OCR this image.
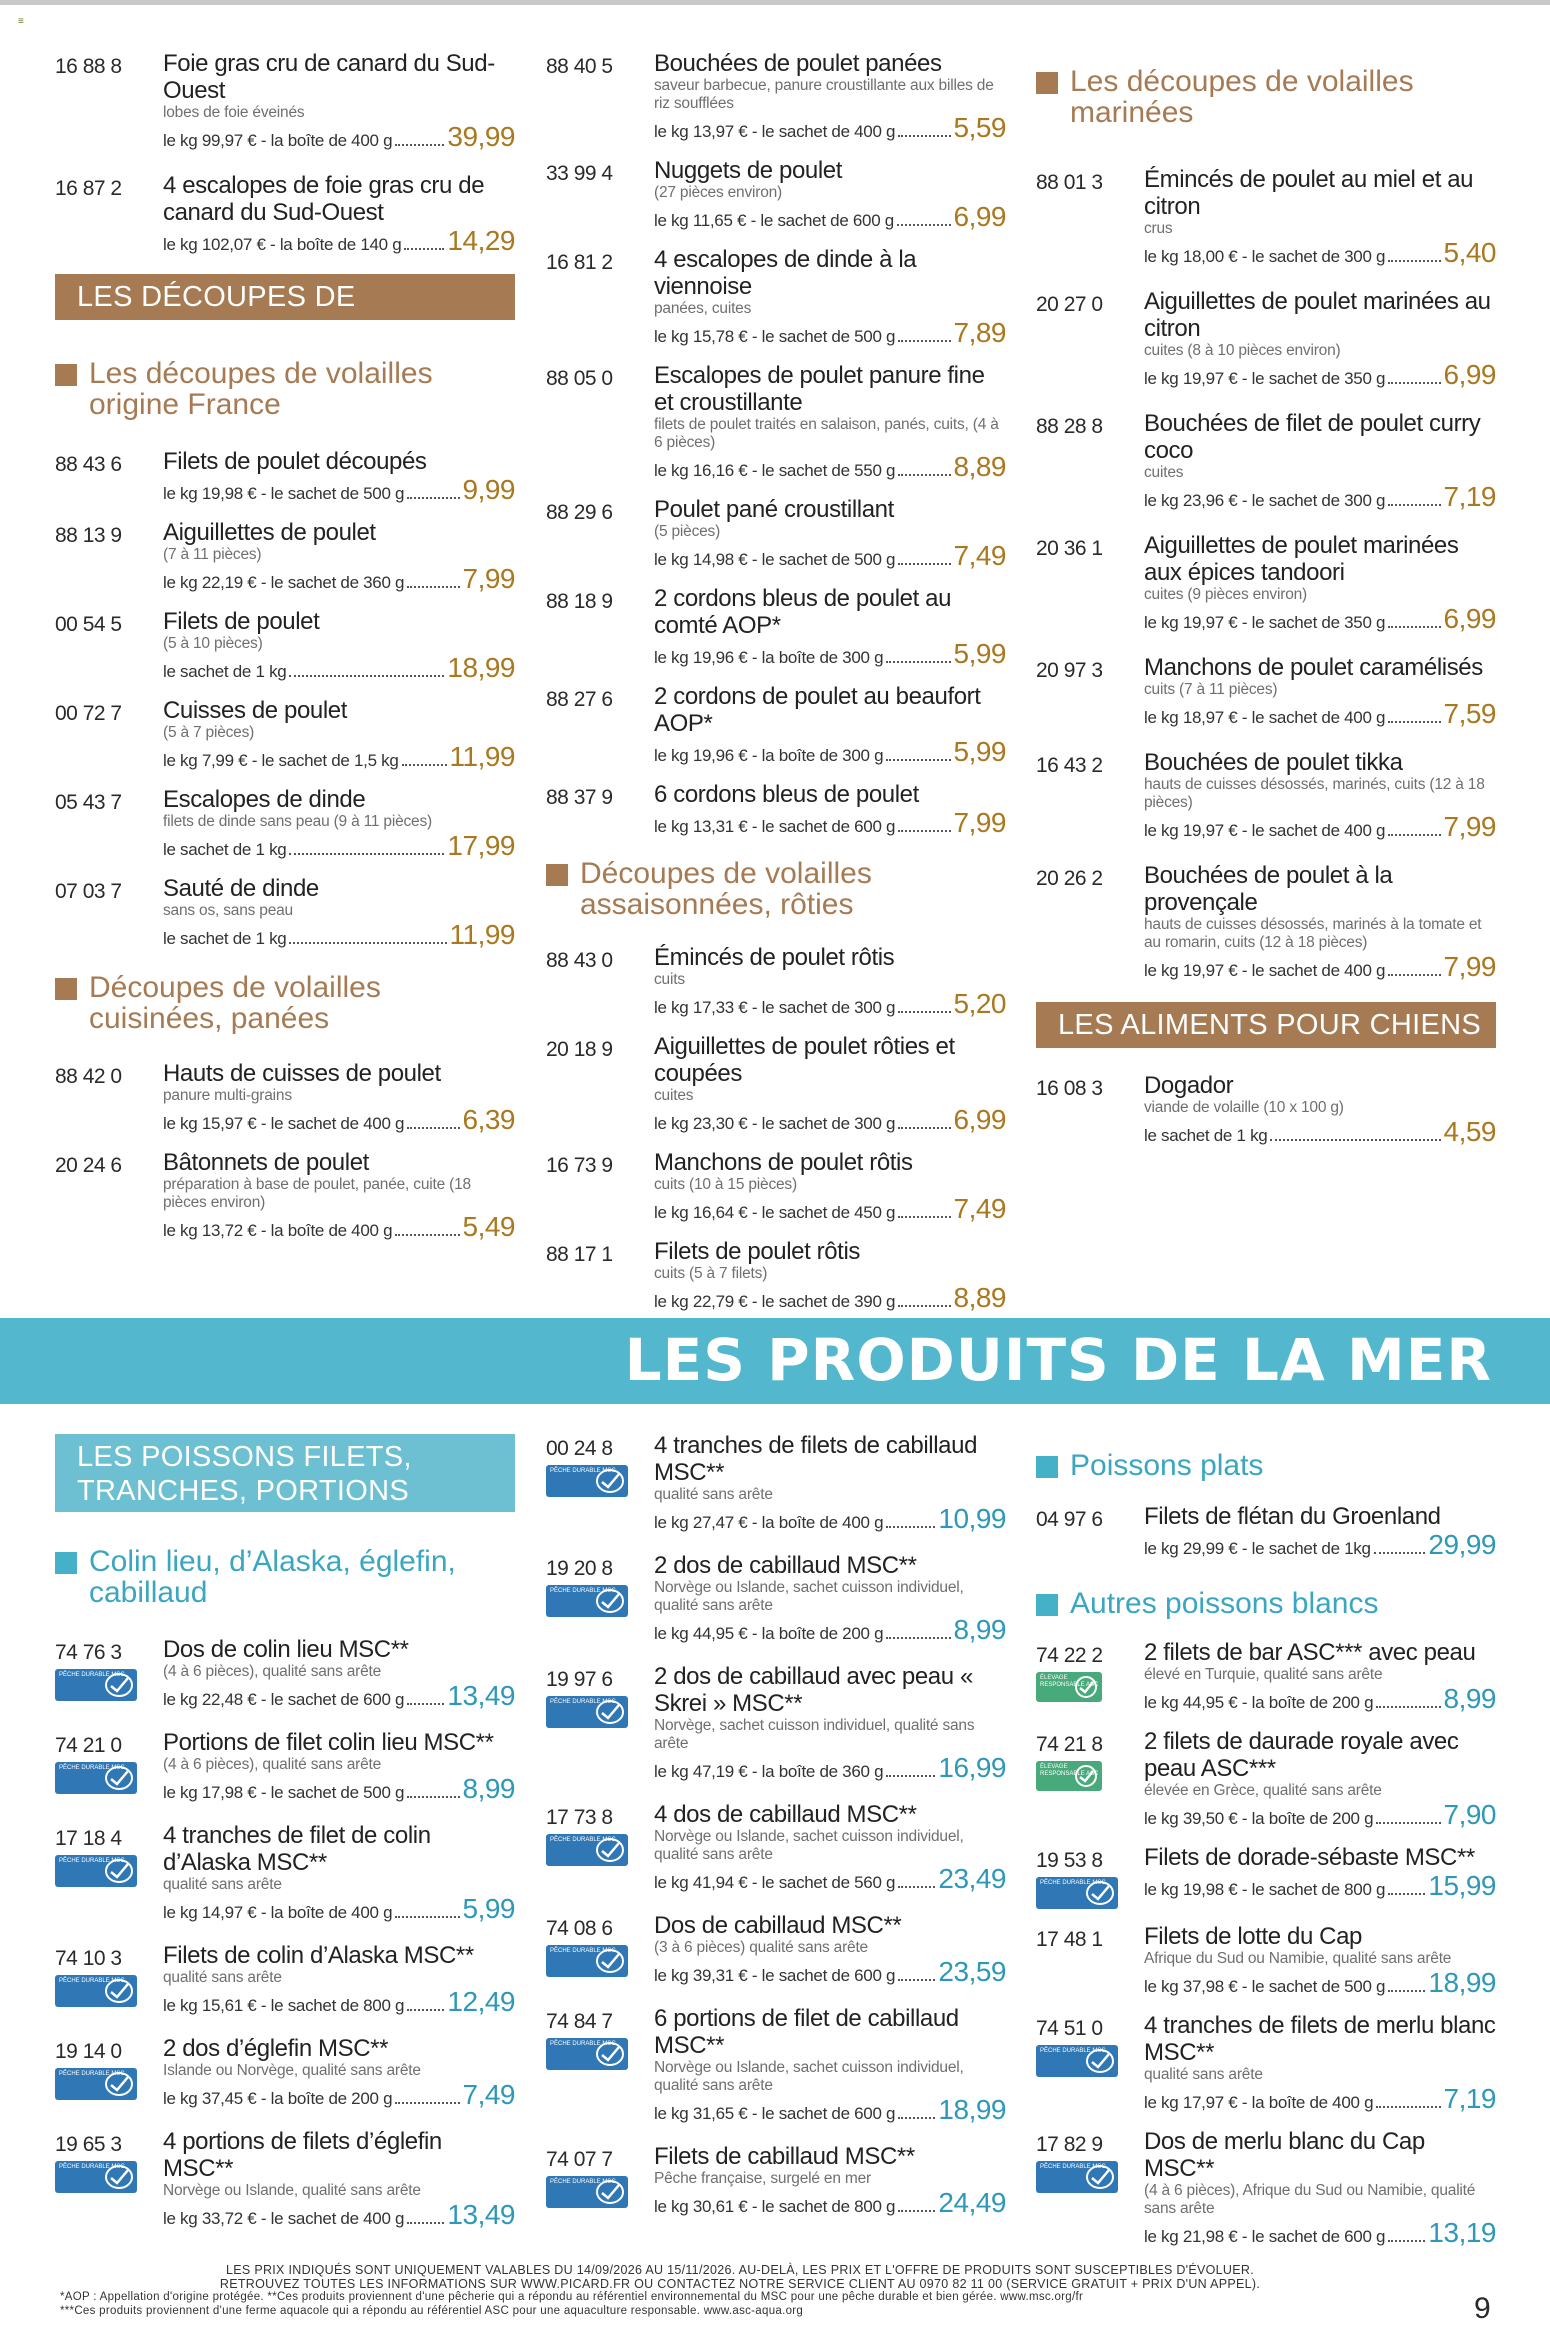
≡
16 88 8	Foie gras cru de canard du Sud-Ouest
lobes de foie éveinés
le kg 99,97 € - la boîte de 400 g 39,99
16 87 2	4 escalopes de foie gras cru de canard du Sud-Ouest
le kg 102,07 € - la boîte de 140 g 14,29
LES DÉCOUPES DE VOLAILLES
Les découpes de volailles origine France
88 43 6	Filets de poulet découpés
le kg 19,98 € - le sachet de 500 g 9,99
88 13 9	Aiguillettes de poulet
(7 à 11 pièces)
le kg 22,19 € - le sachet de 360 g 7,99
00 54 5	Filets de poulet
(5 à 10 pièces)
le sachet de 1 kg	18,99
00 72 7	Cuisses de poulet
(5 à 7 pièces)
le kg 7,99 € - le sachet de 1,5 kg 11,99
05 43 7	Escalopes de dinde
filets de dinde sans peau (9 à 11 pièces)
le sachet de 1 kg	17,99
07 03 7	Sauté de dinde
sans os, sans peau
le sachet de 1 kg	11,99
Découpes de volailles cuisinées, panées
88 42 0	Hauts de cuisses de poulet
panure multi-grains
le kg 15,97 € - le sachet de 400 g 6,39
20 24 6	Bâtonnets de poulet
préparation à base de poulet, panée, cuite (18 pièces environ)
le kg 13,72 € - la boîte de 400 g	5,49
88 40 5	Bouchées de poulet panées
saveur barbecue, panure croustillante aux billes de riz soufflées
le kg 13,97 € - le sachet de 400 g 5,59
33 99 4	Nuggets de poulet
(27 pièces environ)
le kg 11,65 € - le sachet de 600 g 6,99
16 81 2	4 escalopes de dinde à la viennoise
panées, cuites
le kg 15,78 € - le sachet de 500 g 7,89
88 05 0	Escalopes de poulet panure fine et croustillante
filets de poulet traités en salaison, panés, cuits, (4 à 6 pièces)
le kg 16,16 € - le sachet de 550 g 8,89
88 29 6	Poulet pané croustillant
(5 pièces)
le kg 14,98 € - le sachet de 500 g 7,49
88 18 9	2 cordons bleus de poulet au comté AOP*
le kg 19,96 € - la boîte de 300 g	5,99
88 27 6	2 cordons de poulet au beaufort AOP*
le kg 19,96 € - la boîte de 300 g	5,99
88 37 9	6 cordons bleus de poulet
le kg 13,31 € - le sachet de 600 g 7,99
Découpes de volailles assaisonnées, rôties
88 43 0	Émincés de poulet rôtis
cuits
le kg 17,33 € - le sachet de 300 g 5,20
20 18 9	Aiguillettes de poulet rôties et coupées
cuites
le kg 23,30 € - le sachet de 300 g 6,99
16 73 9	Manchons de poulet rôtis
cuits (10 à 15 pièces)
le kg 16,64 € - le sachet de 450 g 7,49
88 17 1	Filets de poulet rôtis
cuits (5 à 7 filets)
le kg 22,79 € - le sachet de 390 g 8,89
Les découpes de volailles marinées
88 01 3	Émincés de poulet au miel et au citron
crus
le kg 18,00 € - le sachet de 300 g 5,40
20 27 0	Aiguillettes de poulet marinées au citron
cuites (8 à 10 pièces environ)
le kg 19,97 € - le sachet de 350 g 6,99
88 28 8	Bouchées de filet de poulet curry coco
cuites
le kg 23,96 € - le sachet de 300 g 7,19
20 36 1	Aiguillettes de poulet marinées aux épices tandoori
cuites (9 pièces environ)
le kg 19,97 € - le sachet de 350 g 6,99
20 97 3	Manchons de poulet caramélisés
cuits (7 à 11 pièces)
le kg 18,97 € - le sachet de 400 g 7,59
16 43 2	Bouchées de poulet tikka
hauts de cuisses désossés, marinés, cuits (12 à 18 pièces)
le kg 19,97 € - le sachet de 400 g 7,99
20 26 2	Bouchées de poulet à la provençale
hauts de cuisses désossés, marinés à la tomate et au romarin, cuits (12 à 18 pièces)
le kg 19,97 € - le sachet de 400 g 7,99
LES ALIMENTS POUR CHIENS
16 08 3	Dogador
viande de volaille (10 x 100 g)
le sachet de 1 kg	4,59
LES PRODUITS DE LA MER
LES POISSONS FILETS, TRANCHES, PORTIONS
Colin lieu, d’Alaska, églefin, cabillaud
74 76 3
PÊCHE DURABLE MSC
Dos de colin lieu MSC**
(4 à 6 pièces), qualité sans arête
le kg 22,48 € - le sachet de 600 g 13,49
74 21 0
PÊCHE DURABLE MSC
Portions de filet colin lieu MSC**
(4 à 6 pièces), qualité sans arête
le kg 17,98 € - le sachet de 500 g 8,99
17 18 4
PÊCHE DURABLE MSC
4 tranches de filet de colin d’Alaska MSC**
qualité sans arête
le kg 14,97 € - la boîte de 400 g	5,99
74 10 3
PÊCHE DURABLE MSC
Filets de colin d’Alaska MSC**
qualité sans arête
le kg 15,61 € - le sachet de 800 g 12,49
19 14 0
PÊCHE DURABLE MSC
2 dos d’églefin MSC**
Islande ou Norvège, qualité sans arête
le kg 37,45 € - la boîte de 200 g	7,49
19 65 3
PÊCHE DURABLE MSC
4 portions de filets d’églefin MSC**
Norvège ou Islande, qualité sans arête
le kg 33,72 € - le sachet de 400 g 13,49
00 24 8
PÊCHE DURABLE MSC
4 tranches de filets de cabillaud MSC**
qualité sans arête
le kg 27,47 € - la boîte de 400 g 10,99
19 20 8
PÊCHE DURABLE MSC
2 dos de cabillaud MSC**
Norvège ou Islande, sachet cuisson individuel, qualité sans arête
le kg 44,95 € - la boîte de 200 g	8,99
19 97 6
PÊCHE DURABLE MSC
2 dos de cabillaud avec peau « Skrei » MSC**
Norvège, sachet cuisson individuel, qualité sans arête
le kg 47,19 € - la boîte de 360 g 16,99
17 73 8
PÊCHE DURABLE MSC
4 dos de cabillaud MSC**
Norvège ou Islande, sachet cuisson individuel, qualité sans arête
le kg 41,94 € - le sachet de 560 g 23,49
74 08 6
PÊCHE DURABLE MSC
Dos de cabillaud MSC**
(3 à 6 pièces) qualité sans arête
le kg 39,31 € - le sachet de 600 g 23,59
74 84 7
PÊCHE DURABLE MSC
6 portions de filet de cabillaud MSC**
Norvège ou Islande, sachet cuisson individuel, qualité sans arête
le kg 31,65 € - le sachet de 600 g 18,99
74 07 7
PÊCHE DURABLE MSC
Filets de cabillaud MSC**
Pêche française, surgelé en mer
le kg 30,61 € - le sachet de 800 g 24,49
Poissons plats
04 97 6	Filets de flétan du Groenland
le kg 29,99 € - le sachet de 1kg 29,99
Autres poissons blancs
74 22 2
ÉLEVAGE RESPONSABLE ASC
2 filets de bar ASC*** avec peau
élevé en Turquie, qualité sans arête
le kg 44,95 € - la boîte de 200 g	8,99
74 21 8
ÉLEVAGE RESPONSABLE ASC
2 filets de daurade royale avec peau ASC***
élevée en Grèce, qualité sans arête
le kg 39,50 € - la boîte de 200 g	7,90
19 53 8
PÊCHE DURABLE MSC
Filets de dorade-sébaste MSC**
le kg 19,98 € - le sachet de 800 g 15,99
17 48 1	Filets de lotte du Cap
Afrique du Sud ou Namibie, qualité sans arête
le kg 37,98 € - le sachet de 500 g 18,99
74 51 0
PÊCHE DURABLE MSC
4 tranches de filets de merlu blanc MSC**
qualité sans arête
le kg 17,97 € - la boîte de 400 g	7,19
17 82 9
PÊCHE DURABLE MSC
Dos de merlu blanc du Cap MSC**
(4 à 6 pièces), Afrique du Sud ou Namibie, qualité sans arête
le kg 21,98 € - le sachet de 600 g 13,19
LES PRIX INDIQUÉS SONT UNIQUEMENT VALABLES DU 14/09/2026 AU 15/11/2026. AU-DELÀ, LES PRIX ET L'OFFRE DE PRODUITS SONT SUSCEPTIBLES D'ÉVOLUER.
RETROUVEZ TOUTES LES INFORMATIONS SUR WWW.PICARD.FR OU CONTACTEZ NOTRE SERVICE CLIENT AU 0970 82 11 00 (SERVICE GRATUIT + PRIX D'UN APPEL).
*AOP : Appellation d'origine protégée. **Ces produits proviennent d'une pêcherie qui a répondu au référentiel environnemental du MSC pour une pêche durable et bien gérée. www.msc.org/fr
***Ces produits proviennent d'une ferme aquacole qui a répondu au référentiel ASC pour une aquaculture responsable. www.asc-aqua.org	9
